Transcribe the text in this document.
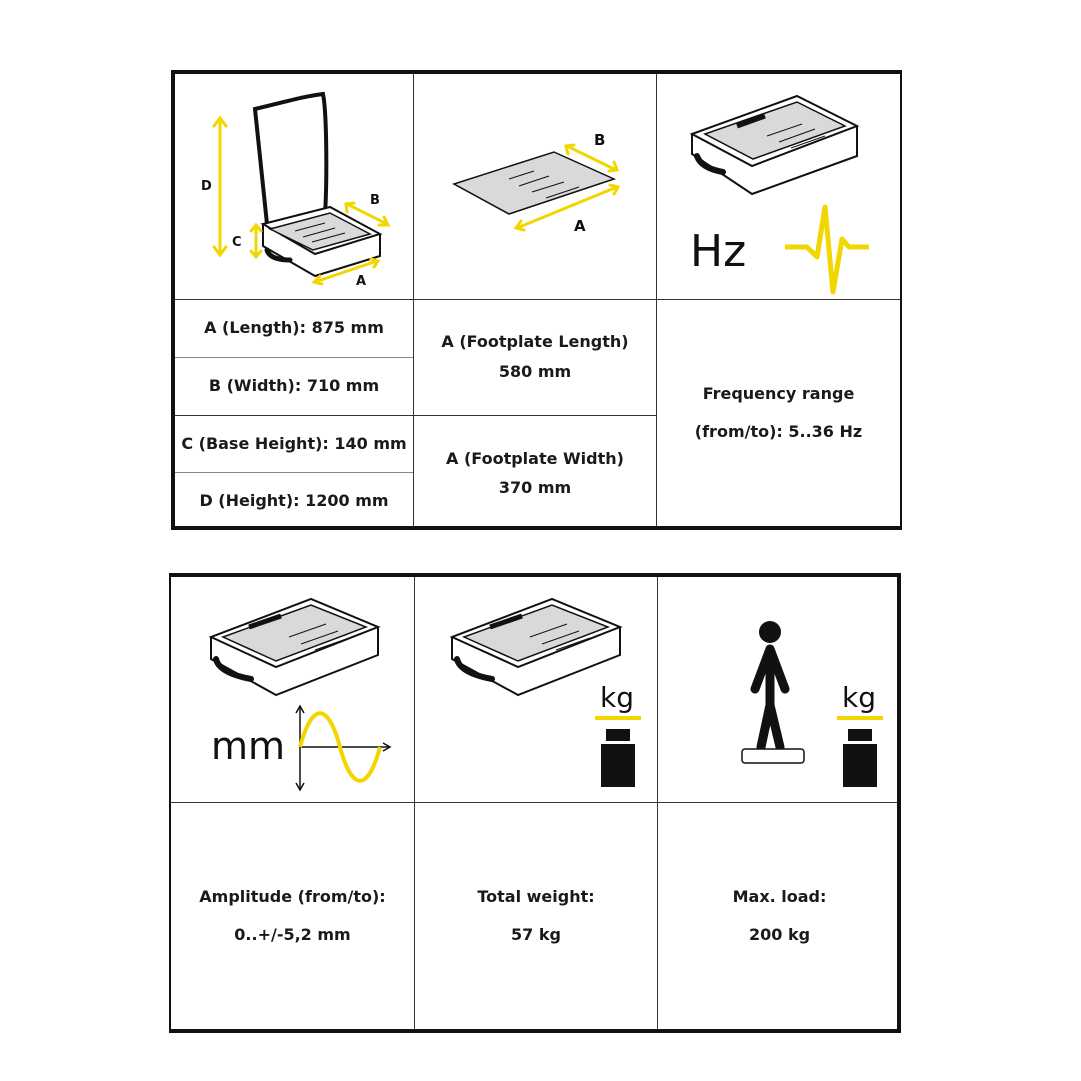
D
C
B
A
B
A Hz
A (Length): 875 mm
B (Width): 710 mm
C (Base Height): 140 mm
D (Height): 1200 mm
A (Footplate Length)
580 mm
A (Footplate Width)
370 mm
Frequency range
(from/to): 5..36 Hz
mm
kg	kg
Amplitude (from/to):
0..+/-5,2 mm
Total weight:
57 kg
Max. load:
200 kg
